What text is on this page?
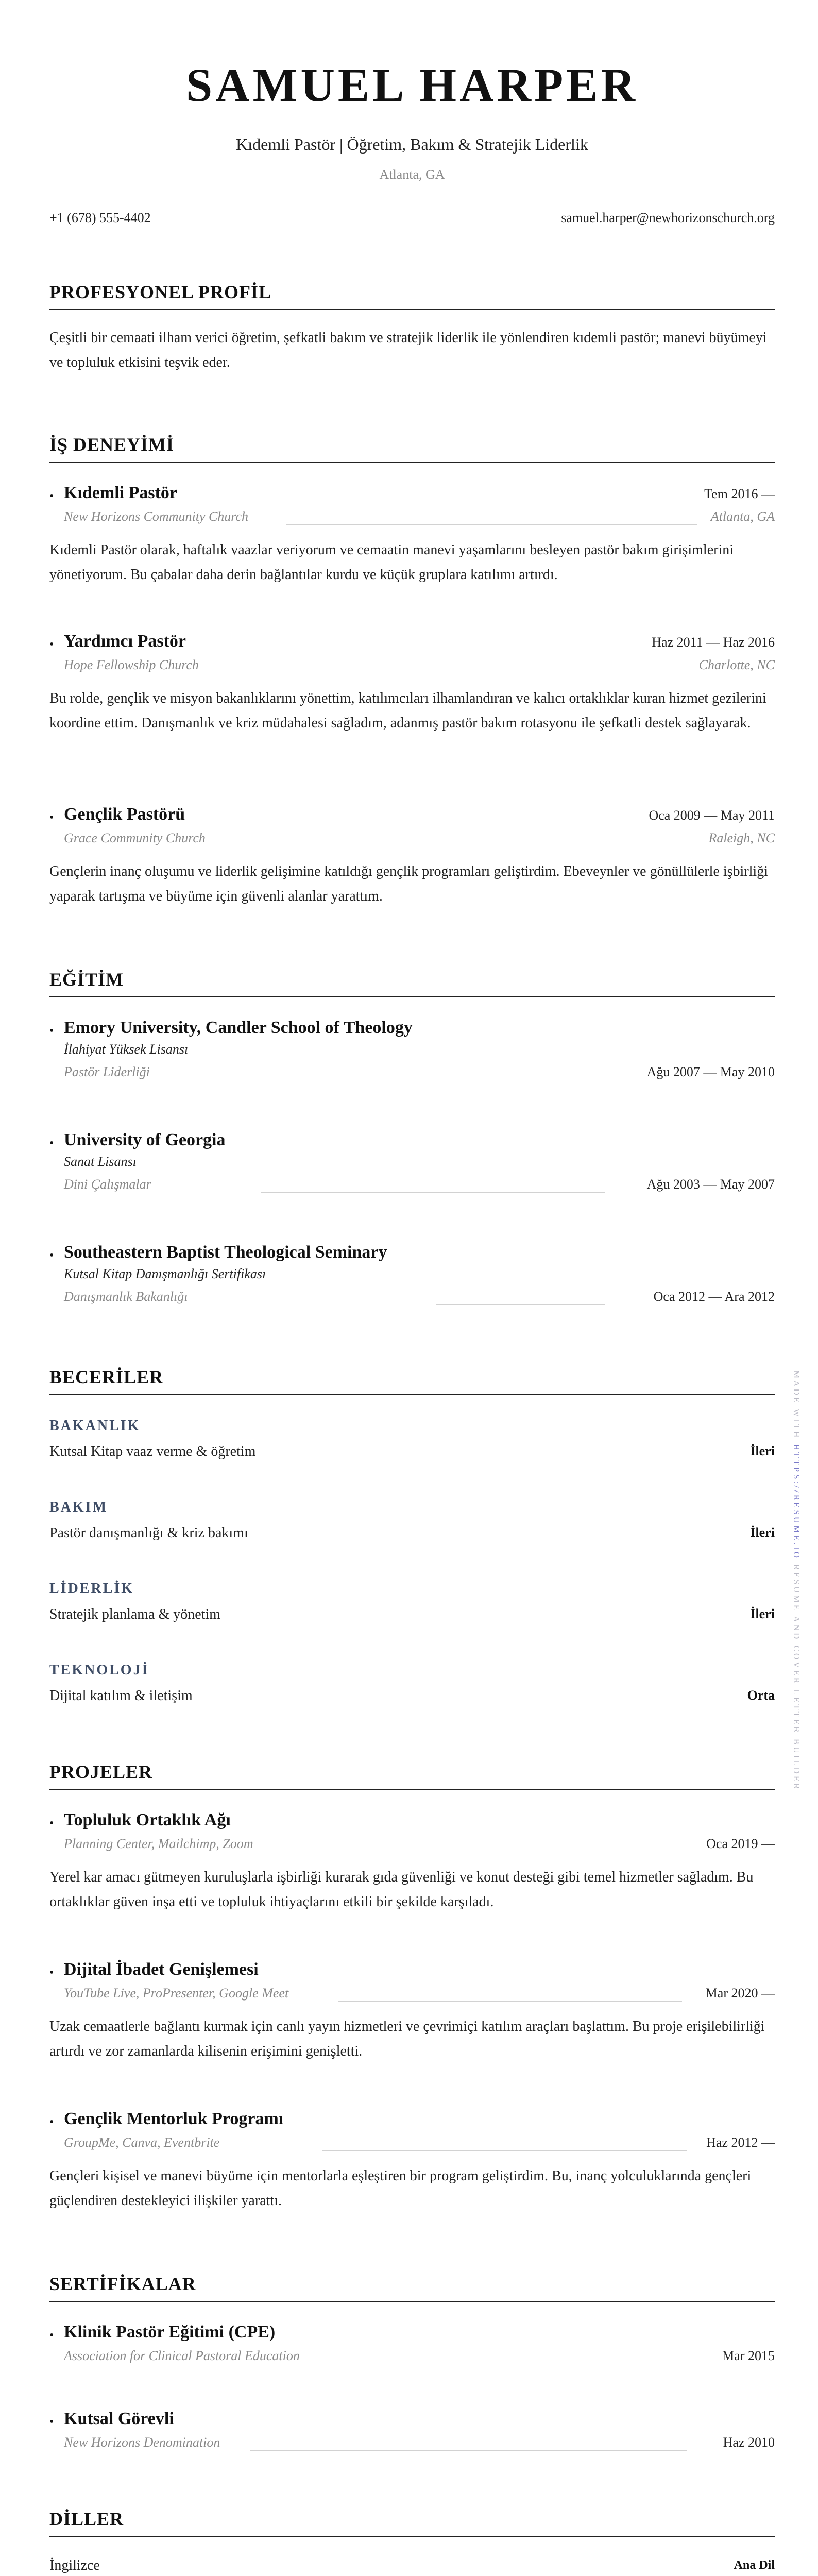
SAMUEL HARPER
Kıdemli Pastör | Öğretim, Bakım & Stratejik Liderlik
Atlanta, GA
+1 (678) 555-4402	samuel.harper@newhorizonschurch.org
PROFESYONEL PROFİL

Çeşitli bir cemaati ilham verici öğretim, şefkatli bakım ve stratejik liderlik ile yönlendiren kıdemli pastör; manevi büyümeyi ve topluluk etkisini teşvik eder.

İŞ DENEYİMİ
• Kıdemli Pastör	Tem 2016 —
New Horizons Community Church	Atlanta, GA

Kıdemli Pastör olarak, haftalık vaazlar veriyorum ve cemaatin manevi yaşamlarını besleyen pastör bakım girişimlerini yönetiyorum. Bu çabalar daha derin bağlantılar kurdu ve küçük gruplara katılımı artırdı.

• Yardımcı Pastör	Haz 2011 — Haz 2016
Hope Fellowship Church	Charlotte, NC

Bu rolde, gençlik ve misyon bakanlıklarını yönettim, katılımcıları ilhamlandıran ve kalıcı ortaklıklar kuran hizmet gezilerini koordine ettim. Danışmanlık ve kriz müdahalesi sağladım, adanmış pastör bakım rotasyonu ile şefkatli destek sağlayarak.

• Gençlik Pastörü	Oca 2009 — May 2011
Grace Community Church	Raleigh, NC

Gençlerin inanç oluşumu ve liderlik gelişimine katıldığı gençlik programları geliştirdim. Ebeveynler ve gönüllülerle işbirliği yaparak tartışma ve büyüme için güvenli alanlar yarattım.

EĞİTİM
• Emory University, Candler School of Theology
İlahiyat Yüksek Lisansı
Pastör Liderliği	Ağu 2007 — May 2010
• University of Georgia
Sanat Lisansı
Dini Çalışmalar	Ağu 2003 — May 2007
• Southeastern Baptist Theological Seminary
Kutsal Kitap Danışmanlığı Sertifikası
Danışmanlık Bakanlığı	Oca 2012 — Ara 2012
BECERİLER
BAKANLIK
Kutsal Kitap vaaz verme & öğretim	İleri
BAKIM
Pastör danışmanlığı & kriz bakımı	İleri
LİDERLİK
Stratejik planlama & yönetim	İleri
TEKNOLOJİ
Dijital katılım & iletişim	Orta
PROJELER
• Topluluk Ortaklık Ağı
Planning Center, Mailchimp, Zoom	Oca 2019 —

Yerel kar amacı gütmeyen kuruluşlarla işbirliği kurarak gıda güvenliği ve konut desteği gibi temel hizmetler sağladım. Bu ortaklıklar güven inşa etti ve topluluk ihtiyaçlarını etkili bir şekilde karşıladı.

• Dijital İbadet Genişlemesi
YouTube Live, ProPresenter, Google Meet	Mar 2020 —

Uzak cemaatlerle bağlantı kurmak için canlı yayın hizmetleri ve çevrimiçi katılım araçları başlattım. Bu proje erişilebilirliği artırdı ve zor zamanlarda kilisenin erişimini genişletti.

• Gençlik Mentorluk Programı
GroupMe, Canva, Eventbrite	Haz 2012 —

Gençleri kişisel ve manevi büyüme için mentorlarla eşleştiren bir program geliştirdim. Bu, inanç yolculuklarında gençleri güçlendiren destekleyici ilişkiler yarattı.

SERTİFİKALAR
• Klinik Pastör Eğitimi (CPE)
Association for Clinical Pastoral Education	Mar 2015
• Kutsal Görevli
New Horizons Denomination	Haz 2010
DİLLER
İngilizce	Ana Dil
MADE WITH HTTPS://RESUME.IO RESUME AND COVER LETTER BUILDER
